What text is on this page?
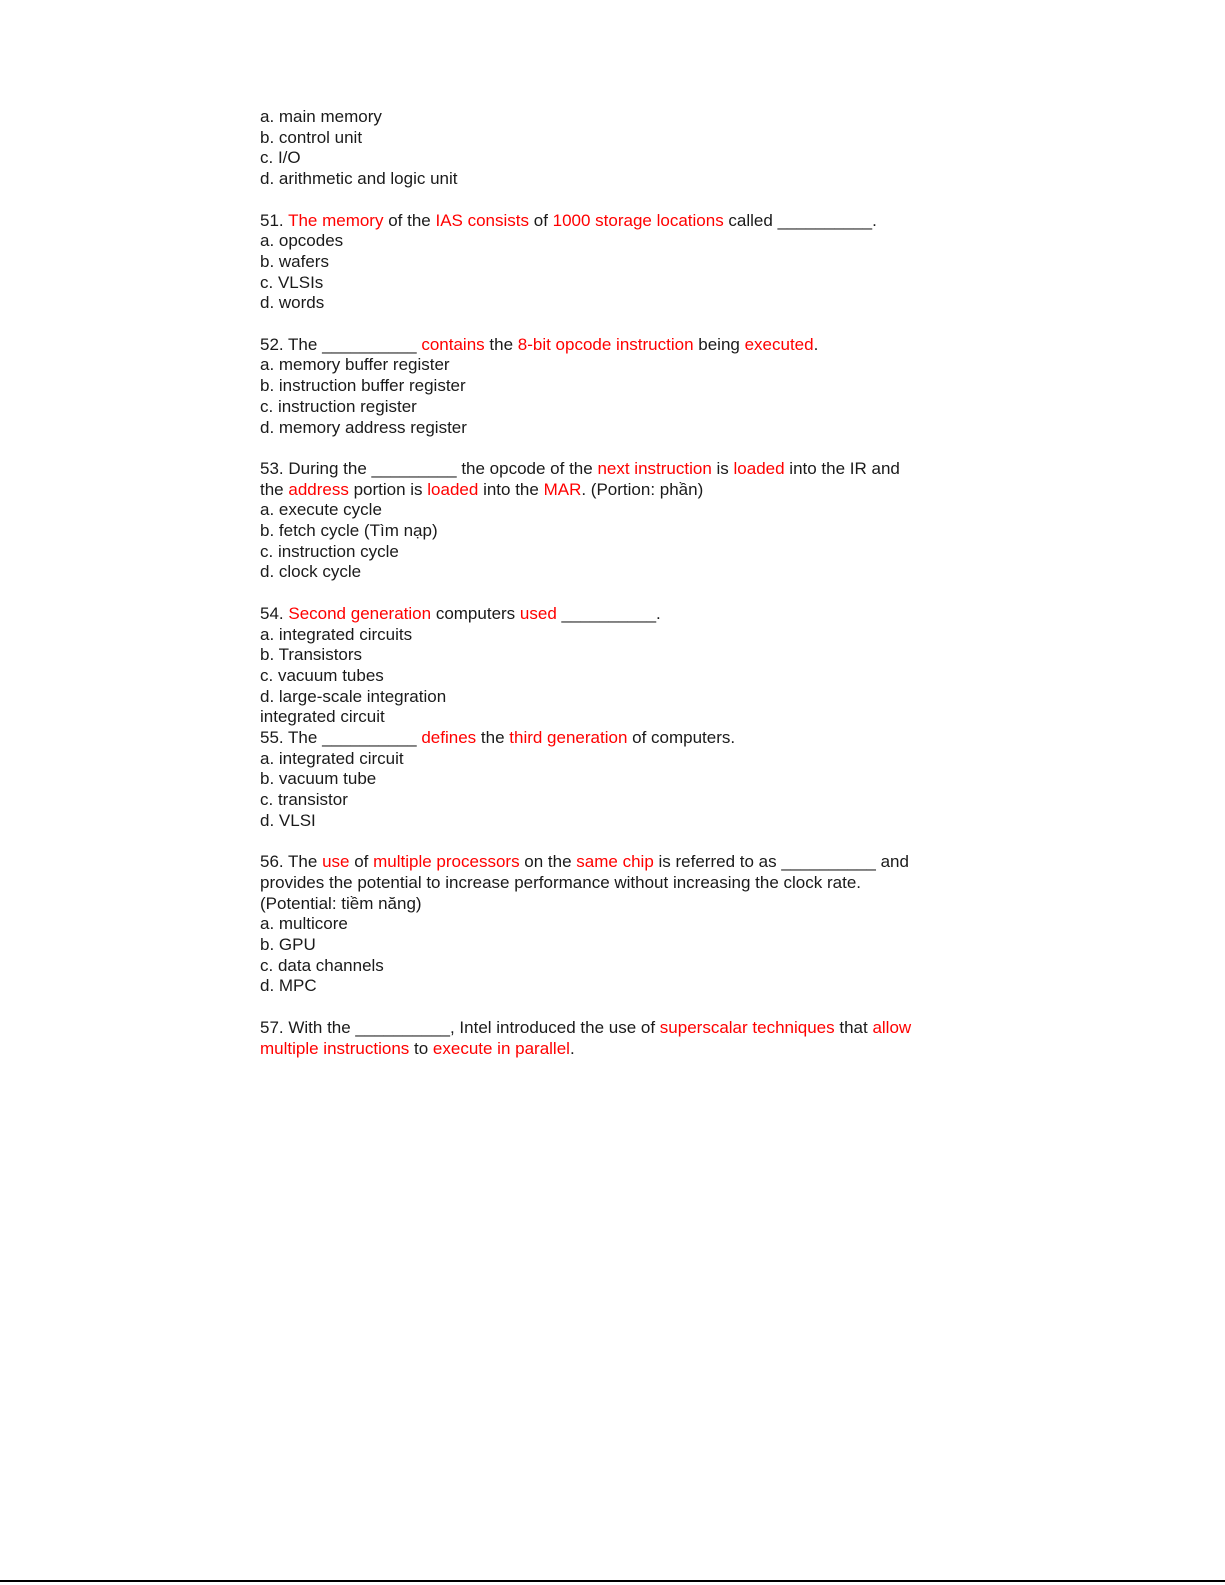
a. main memory
b. control unit
c. I/O
d. arithmetic and logic unit
51. The memory of the IAS consists of 1000 storage locations called __________.
a. opcodes
b. wafers
c. VLSIs
d. words
52. The __________ contains the 8-bit opcode instruction being executed.
a. memory buffer register
b. instruction buffer register
c. instruction register
d. memory address register
53. During the _________ the opcode of the next instruction is loaded into the IR and
the address portion is loaded into the MAR. (Portion: phần)
a. execute cycle
b. fetch cycle (Tìm nạp)
c. instruction cycle
d. clock cycle
54. Second generation computers used __________.
a. integrated circuits
b. Transistors
c. vacuum tubes
d. large-scale integration
integrated circuit
55. The __________ defines the third generation of computers.
a. integrated circuit
b. vacuum tube
c. transistor
d. VLSI
56. The use of multiple processors on the same chip is referred to as __________ and
provides the potential to increase performance without increasing the clock rate.
(Potential: tiềm năng)
a. multicore
b. GPU
c. data channels
d. MPC
57. With the __________, Intel introduced the use of superscalar techniques that allow
multiple instructions to execute in parallel.
